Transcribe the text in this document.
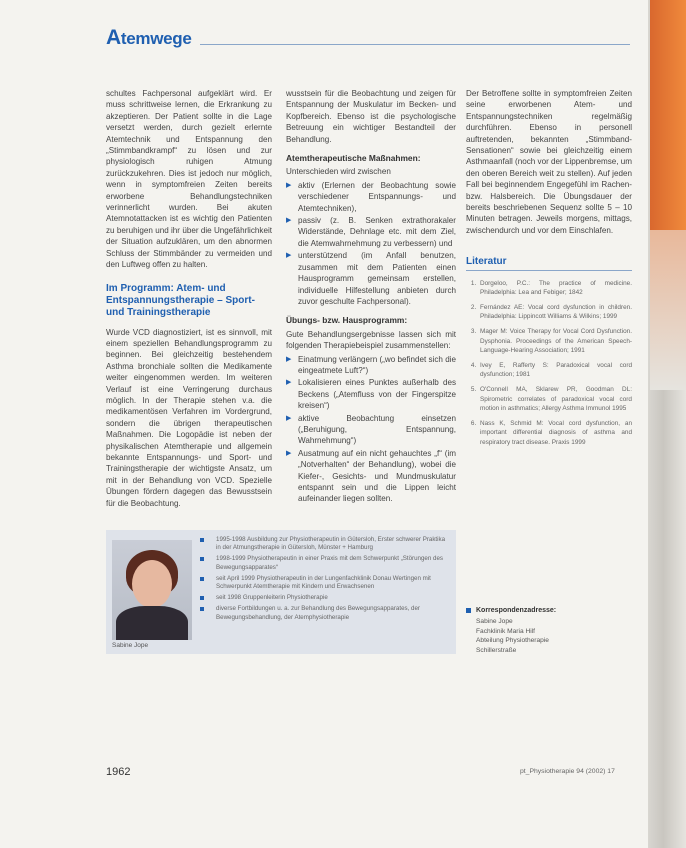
Atemwege

schultes Fachpersonal aufgeklärt wird. Er muss schrittweise lernen, die Erkrankung zu akzeptieren. Der Patient sollte in die Lage versetzt werden, durch gezielt erlernte Atemtechnik und Entspannung den „Stimmbandkrampf“ zu lösen und zur physiologisch ruhigen Atmung zurückzukehren. Dies ist jedoch nur möglich, wenn in symptomfreien Zeiten bereits erworbene Behandlungstechniken verinnerlicht wurden. Bei akuten Atemnotattacken ist es wichtig den Patienten zu beruhigen und ihr über die Ungefährlichkeit der Situation aufzuklären, um den abnormen Schluss der Stimmbänder zu vermeiden und den Luftweg offen zu halten.

Im Programm: Atem- und Entspannungstherapie – Sport- und Trainingstherapie

Wurde VCD diagnostiziert, ist es sinnvoll, mit einem speziellen Behandlungsprogramm zu beginnen. Bei gleichzeitig bestehendem Asthma bronchiale sollten die Medikamente weiter eingenommen werden. Im weiteren Verlauf ist eine Verringerung durchaus möglich. In der Therapie stehen v.a. die medikamentösen Verfahren im Vordergrund, sondern die übrigen therapeutischen Maßnahmen. Die Logopädie ist neben der physikalischen Atemtherapie und allgemein bekannte Entspannungs- und Sport- und Trainingstherapie der wichtigste Ansatz, um mit in der Behandlung von VCD. Spezielle Übungen fördern dagegen das Bewusstsein für die Beobachtung.

wusstsein für die Beobachtung und zeigen für Entspannung der Muskulatur im Becken- und Kopfbereich. Ebenso ist die psychologische Betreuung ein wichtiger Bestandteil der Behandlung.

Atemtherapeutische Maßnahmen:

Unterschieden wird zwischen

▶ aktiv (Erlernen der Beobachtung sowie verschiedener Entspannungs- und Atemtechniken),
▶ passiv (z. B. Senken extrathorakaler Widerstände, Dehnlage etc. mit dem Ziel, die Atemwahrnehmung zu verbessern) und
▶ unterstützend (im Anfall benutzen, zusammen mit dem Patienten einen Hausprogramm gemeinsam erstellen, individuelle Hilfestellung anbieten durch zuvor geschulte Fachpersonal).
Übungs- bzw. Hausprogramm:

Gute Behandlungsergebnisse lassen sich mit folgenden Therapiebeispiel zusammenstellen:

▶ Einatmung verlängern („wo befindet sich die eingeatmete Luft?“)
▶ Lokalisieren eines Punktes außerhalb des Beckens („Atemfluss von der Fingerspitze kreisen“)
▶ aktive Beobachtung einsetzen („Beruhigung, Entspannung, Wahrnehmung“)
▶ Ausatmung auf ein nicht gehauchtes „f“ (im „Notverhalten“ der Behandlung), wobei die Kiefer-, Gesichts- und Mundmuskulatur entspannt sein und die Lippen leicht aufeinander liegen sollten.

Der Betroffene sollte in symptomfreien Zeiten seine erworbenen Atem- und Entspannungstechniken regelmäßig durchführen. Ebenso in personell auftretenden, bekannten „Stimmband-Sensationen“ sowie bei gleichzeitig einem Asthmaanfall (noch vor der Lippenbremse, um den oberen Bereich weit zu stellen). Auf jeden Fall bei beginnendem Engegefühl im Rachen- bzw. Halsbereich. Die Übungsdauer der bereits beschriebenen Sequenz sollte 5 – 10 Minuten betragen. Jeweils morgens, mittags, zwischendurch und vor dem Einschlafen.

Literatur
1. Dorgeloo, P.C.: The practice of medicine. Philadelphia: Lea and Febiger; 1842
2. Fernández AE: Vocal cord dysfunction in children. Philadelphia: Lippincott Williams & Wilkins; 1999
3. Mager M: Voice Therapy for Vocal Cord Dysfunction. Dysphonia. Proceedings of the American Speech-Language-Hearing Association; 1991
4. Ivey E, Rafferty S: Paradoxical vocal cord dysfunction; 1981
5. O'Connell MA, Sklarew PR, Goodman DL: Spirometric correlates of paradoxical vocal cord motion in asthmatics; Allergy Asthma Immunol 1995
6. Nass K, Schmid M: Vocal cord dysfunction, an important differential diagnosis of asthma and respiratory tract disease. Praxis 1999
Sabine Jope
1995-1998 Ausbildung zur Physiotherapeutin in Gütersloh, Erster schwerer Praktika in der Atmungstherapie in Gütersloh, Münster + Hamburg
1998-1999 Physiotherapeutin in einer Praxis mit dem Schwerpunkt „Störungen des Bewegungsapparates“
seit April 1999 Physiotherapeutin in der Lungenfachklinik Donau Wertingen mit Schwerpunkt Atemtherapie mit Kindern und Erwachsenen
seit 1998 Gruppenleiterin Physiotherapie
diverse Fortbildungen u. a. zur Behandlung des Bewegungsapparates, der Bewegungsbehandlung, der Atemphysiotherapie
Korrespondenzadresse:
Sabine Jope
Fachklinik Maria Hilf
Abteilung Physiotherapie
Schillerstraße
1962	pt_Physiotherapie 94 (2002) 17
